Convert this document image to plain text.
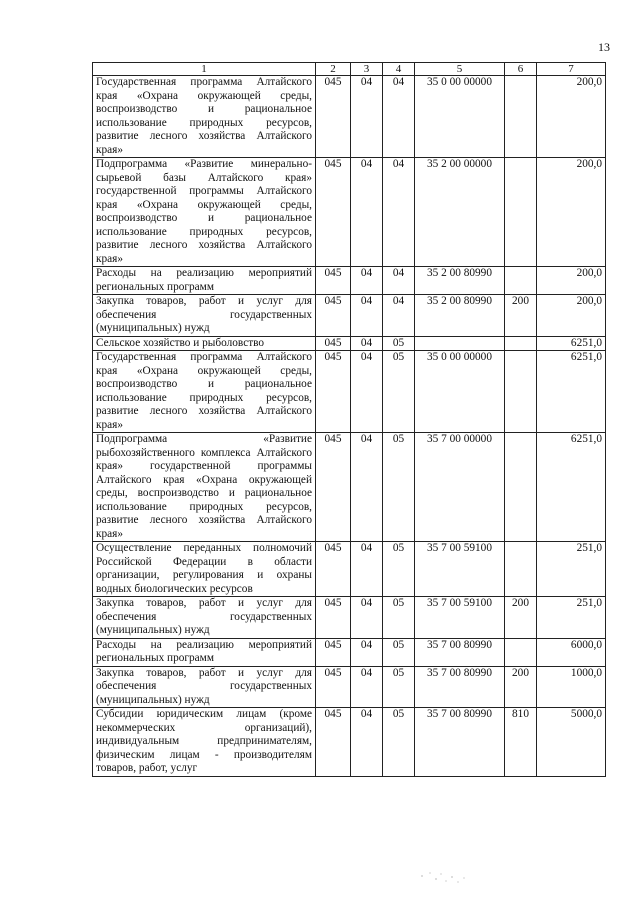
13
1	2	3	4	5	6	7
Государственная программа Алтайского края «Охрана окружающей среды, воспроизводство и рациональное использование природных ресурсов, развитие лесного хозяйства Алтайского края»	045	04	04	35 0 00 00000		200,0
Подпрограмма «Развитие минерально-сырьевой базы Алтайского края» государственной программы Алтайского края «Охрана окружающей среды, воспроизводство и рациональное использование природных ресурсов, развитие лесного хозяйства Алтайского края»	045	04	04	35 2 00 00000		200,0
Расходы на реализацию мероприятий региональных программ	045	04	04	35 2 00 80990		200,0
Закупка товаров, работ и услуг для обеспечения государственных (муниципальных) нужд	045	04	04	35 2 00 80990	200	200,0
Сельское хозяйство и рыболовство	045	04	05			6251,0
Государственная программа Алтайского края «Охрана окружающей среды, воспроизводство и рациональное использование природных ресурсов, развитие лесного хозяйства Алтайского края»	045	04	05	35 0 00 00000		6251,0
Подпрограмма «Развитие рыбохозяйственного комплекса Алтайского края» государственной программы Алтайского края «Охрана окружающей среды, воспроизводство и рациональное использование природных ресурсов, развитие лесного хозяйства Алтайского края»	045	04	05	35 7 00 00000		6251,0
Осуществление переданных полномочий Российской Федерации в области организации, регулирования и охраны водных биологических ресурсов	045	04	05	35 7 00 59100		251,0
Закупка товаров, работ и услуг для обеспечения государственных (муниципальных) нужд	045	04	05	35 7 00 59100	200	251,0
Расходы на реализацию мероприятий региональных программ	045	04	05	35 7 00 80990		6000,0
Закупка товаров, работ и услуг для обеспечения государственных (муниципальных) нужд	045	04	05	35 7 00 80990	200	1000,0
Субсидии юридическим лицам (кроме некоммерческих организаций), индивидуальным предпринимателям, физическим лицам - производителям товаров, работ, услуг	045	04	05	35 7 00 80990	810	5000,0
